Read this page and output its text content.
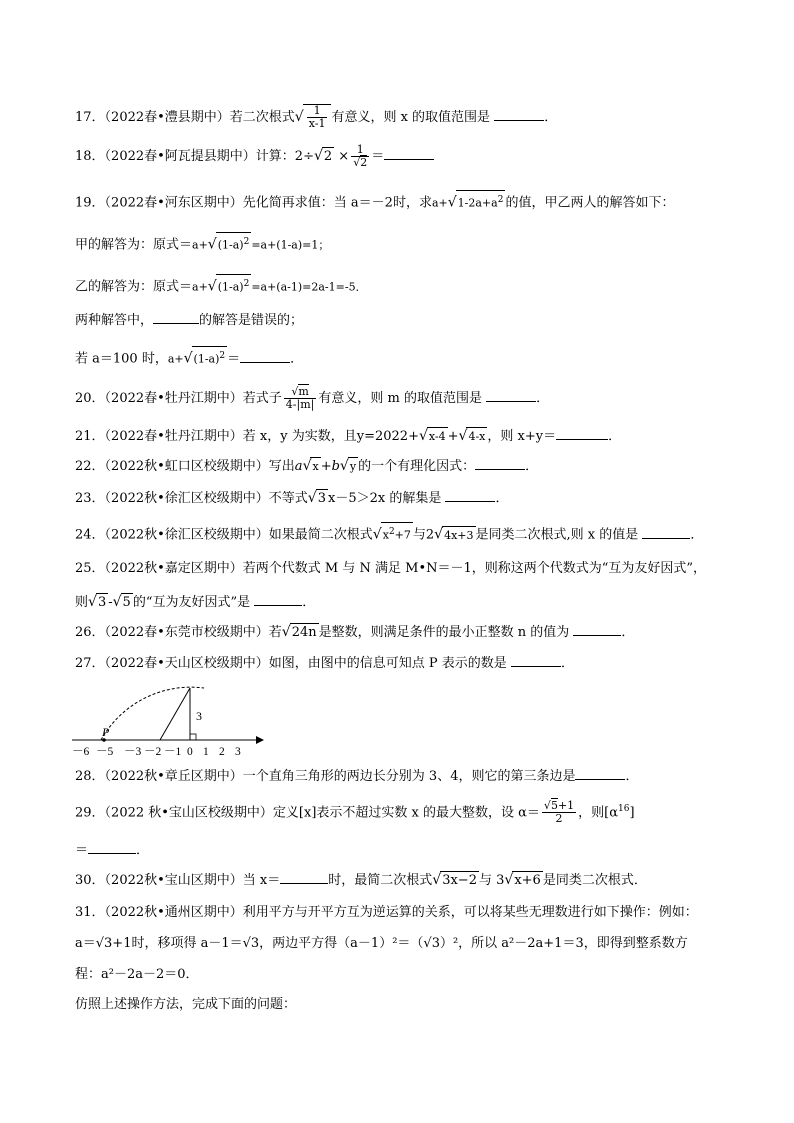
17．（2022春•澧县期中）若二次根式√ $\frac{1}{x-1}$ 有意义，则 x 的取值范围是	．
18．（2022春•阿瓦提县期中）计算：$2\div√2 \times \frac{1}{√2}$ ＝
19．（2022春•河东区期中）先化简再求值：当 a＝－2时，求$a+√1-2a+a^2$ 的值，甲乙两人的解答如下：
甲的解答为：原式$=a+√(1-a)^2 =a+(1-a)=1$；
乙的解答为：原式$=a+√(1-a)^2 =a+(a-1)=2a-1=-5$．
两种解答中，	的解答是错误的；
若 a＝100 时，$a+√(1-a)^2$ ＝	．
20．（2022春•牡丹江期中）若式子 $\frac{√m}{4-|m|}$ 有意义，则 m 的取值范围是	．
21．（2022春•牡丹江期中）若 x，y 为实数，且y=2022+√x-4 +√4-x ，则 x+y＝	．
22．（2022秋•虹口区校级期中）写出a√x +b√y 的一个有理化因式：	．
23．（2022秋•徐汇区校级期中）不等式√3 x－5＞2x 的解集是	．
24．（2022秋•徐汇区校级期中）如果最简二次根式$√x^2+7$ 与2√4x+3 是同类二次根式,则 x 的值是	．
25．（2022秋•嘉定区期中）若两个代数式 M 与 N 满足 M•N＝－1，则称这两个代数式为“互为友好因式”，
则√3 -√5 的“互为友好因式”是	．
26．（2022春•东莞市校级期中）若√24n 是整数，则满足条件的最小正整数 n 的值为	．
27．（2022春•天山区校级期中）如图，由图中的信息可知点 P 表示的数是	．
3
P
－6 －5 －3 －2 －1 0 1 2 3
28．（2022秋•章丘区期中）一个直角三角形的两边长分别为 3、4，则它的第三条边是	．
29．（2022 秋•宝山区校级期中）定义[x]表示不超过实数 x 的最大整数，设 $\alpha= \frac{√5+1}{2}$ ，则$[\alpha^{16}]$
＝	．
30．（2022秋•宝山区期中）当 x＝	时，最简二次根式√3x−2 与 3√x+6 是同类二次根式．
31．（2022秋•通州区期中）利用平方与开平方互为逆运算的关系，可以将某些无理数进行如下操作：例如：
a＝√3+1时，移项得 a－1＝√3，两边平方得（a－1）²＝（√3）²，所以 a²－2a+1＝3，即得到整系数方
程：a²－2a－2＝0．
仿照上述操作方法，完成下面的问题：
